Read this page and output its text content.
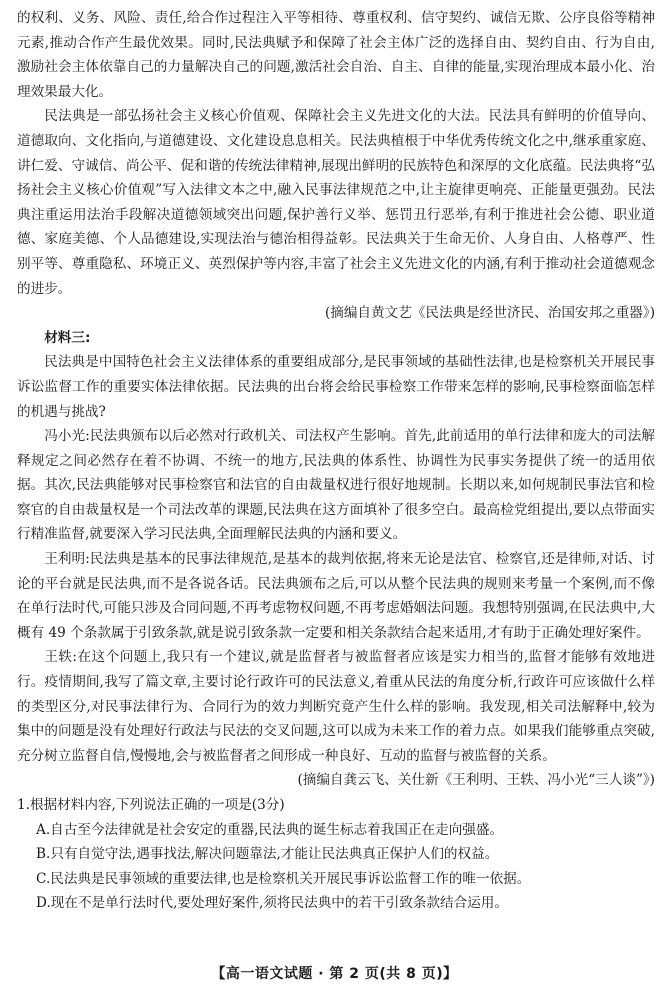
的权利、义务、风险、责任,给合作过程注入平等相待、尊重权利、信守契约、诚信无欺、公序良俗等精神元素,推动合作产生最优效果。同时,民法典赋予和保障了社会主体广泛的选择自由、契约自由、行为自由,激励社会主体依靠自己的力量解决自己的问题,激活社会自治、自主、自律的能量,实现治理成本最小化、治理效果最大化。

民法典是一部弘扬社会主义核心价值观、保障社会主义先进文化的大法。民法具有鲜明的价值导向、道德取向、文化指向,与道德建设、文化建设息息相关。民法典植根于中华优秀传统文化之中,继承重家庭、讲仁爱、守诚信、尚公平、促和谐的传统法律精神,展现出鲜明的民族特色和深厚的文化底蕴。民法典将“弘扬社会主义核心价值观”写入法律文本之中,融入民事法律规范之中,让主旋律更响亮、正能量更强劲。民法典注重运用法治手段解决道德领域突出问题,保护善行义举、惩罚丑行恶举,有利于推进社会公德、职业道德、家庭美德、个人品德建设,实现法治与德治相得益彰。民法典关于生命无价、人身自由、人格尊严、性别平等、尊重隐私、环境正义、英烈保护等内容,丰富了社会主义先进文化的内涵,有利于推动社会道德观念的进步。

(摘编自黄文艺《民法典是经世济民、治国安邦之重器》)

材料三:

民法典是中国特色社会主义法律体系的重要组成部分,是民事领域的基础性法律,也是检察机关开展民事诉讼监督工作的重要实体法律依据。民法典的出台将会给民事检察工作带来怎样的影响,民事检察面临怎样的机遇与挑战?

冯小光:民法典颁布以后必然对行政机关、司法权产生影响。首先,此前适用的单行法律和庞大的司法解释规定之间必然存在着不协调、不统一的地方,民法典的体系性、协调性为民事实务提供了统一的适用依据。其次,民法典能够对民事检察官和法官的自由裁量权进行很好地规制。长期以来,如何规制民事法官和检察官的自由裁量权是一个司法改革的课题,民法典在这方面填补了很多空白。最高检党组提出,要以点带面实行精准监督,就要深入学习民法典,全面理解民法典的内涵和要义。

王利明:民法典是基本的民事法律规范,是基本的裁判依据,将来无论是法官、检察官,还是律师,对话、讨论的平台就是民法典,而不是各说各话。民法典颁布之后,可以从整个民法典的规则来考量一个案例,而不像在单行法时代,可能只涉及合同问题,不再考虑物权问题,不再考虑婚姻法问题。我想特别强调,在民法典中,大概有 49 个条款属于引致条款,就是说引致条款一定要和相关条款结合起来适用,才有助于正确处理好案件。

王轶:在这个问题上,我只有一个建议,就是监督者与被监督者应该是实力相当的,监督才能够有效地进行。疫情期间,我写了篇文章,主要讨论行政许可的民法意义,着重从民法的角度分析,行政许可应该做什么样的类型区分,对民事法律行为、合同行为的效力判断究竟产生什么样的影响。我发现,相关司法解释中,较为集中的问题是没有处理好行政法与民法的交叉问题,这可以成为未来工作的着力点。如果我们能够重点突破,充分树立监督自信,慢慢地,会与被监督者之间形成一种良好、互动的监督与被监督的关系。

(摘编自龚云飞、关仕新《王利明、王轶、冯小光“三人谈”》)

1.根据材料内容,下列说法正确的一项是(3分)

A.自古至今法律就是社会安定的重器,民法典的诞生标志着我国正在走向强盛。

B.只有自觉守法,遇事找法,解决问题靠法,才能让民法典真正保护人们的权益。

C.民法典是民事领域的重要法律,也是检察机关开展民事诉讼监督工作的唯一依据。

D.现在不是单行法时代,要处理好案件,须将民法典中的若干引致条款结合运用。

【高一语文试题 · 第 2 页(共 8 页)】
